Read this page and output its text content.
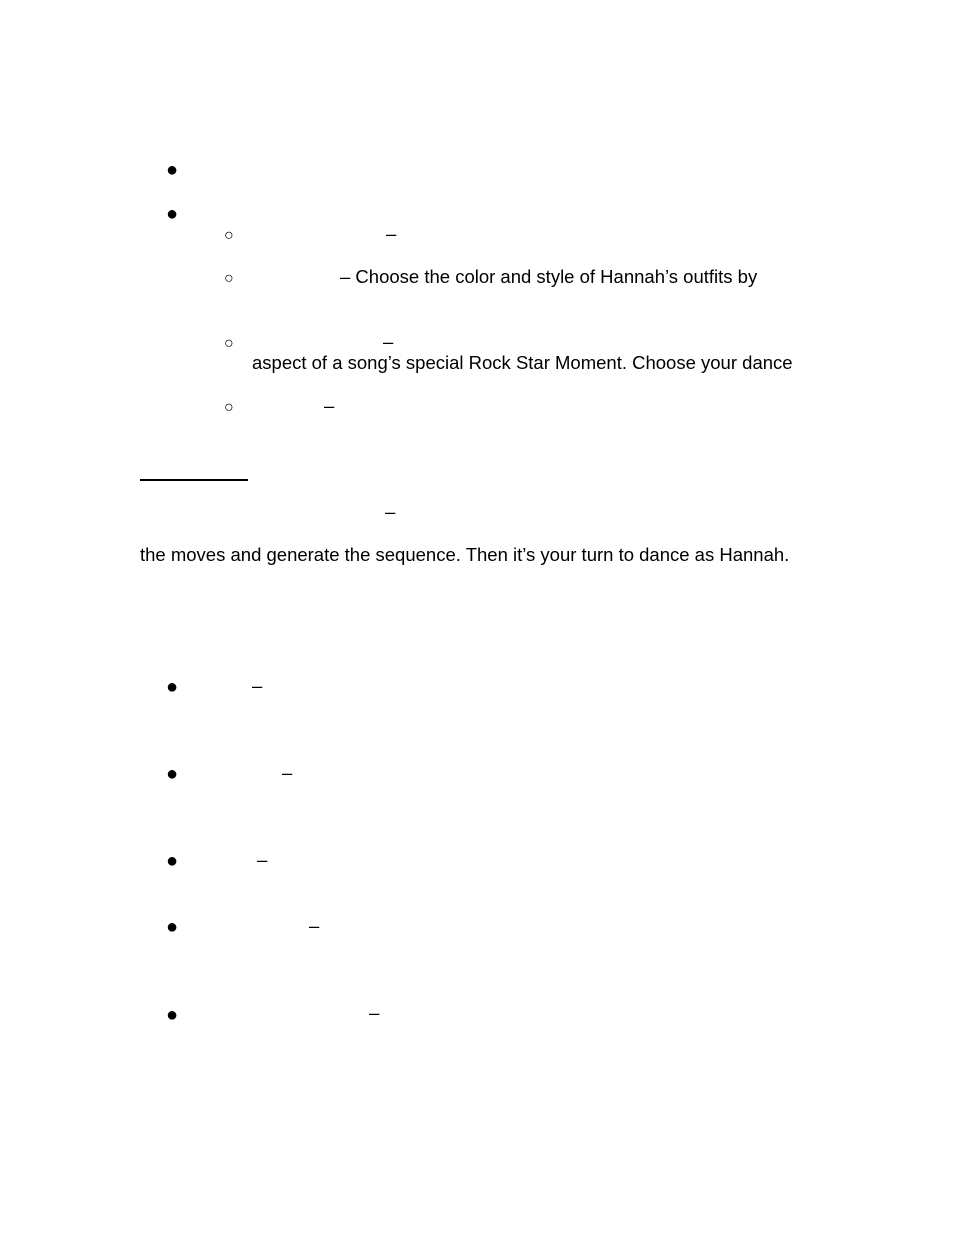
●
●
○	–
○	– Choose the color and style of Hannah’s outfits by
○	–
aspect of a song’s special Rock Star Moment. Choose your dance
○	–
–
the moves and generate the sequence. Then it’s your turn to dance as Hannah.
●	–
●	–
●	–
●	–
●	–
